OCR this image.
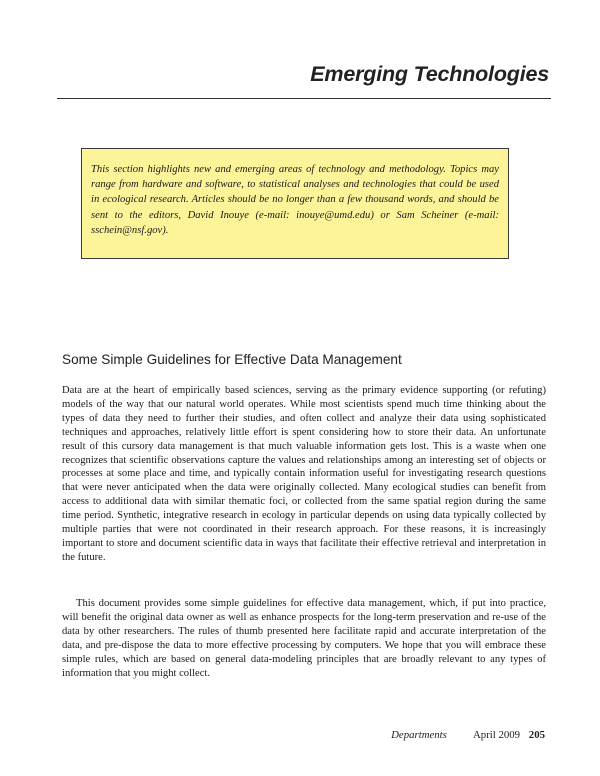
Emerging Technologies
This section highlights new and emerging areas of technology and methodology. Topics may range from hardware and software, to statistical analyses and technologies that could be used in ecological research. Articles should be no longer than a few thousand words, and should be sent to the editors, David Inouye (e-mail: inouye@umd.edu) or Sam Scheiner (e-mail: sschein@nsf.gov).
Some Simple Guidelines for Effective Data Management

Data are at the heart of empirically based sciences, serving as the primary evidence supporting (or refuting) models of the way that our natural world operates. While most scientists spend much time thinking about the types of data they need to further their studies, and often collect and analyze their data using sophisticated techniques and approaches, relatively little effort is spent considering how to store their data. An unfortunate result of this cursory data management is that much valuable information gets lost. This is a waste when one recognizes that scientific observations capture the values and relationships among an interesting set of objects or processes at some place and time, and typically contain information useful for investigating research questions that were never anticipated when the data were originally collected. Many ecological studies can benefit from access to additional data with similar thematic foci, or collected from the same spatial region during the same time period. Synthetic, integrative research in ecology in particular depends on using data typically collected by multiple parties that were not coordinated in their research approach. For these reasons, it is increasingly important to store and document scientific data in ways that facilitate their effective retrieval and interpretation in the future.

This document provides some simple guidelines for effective data management, which, if put into practice, will benefit the original data owner as well as enhance prospects for the long-term preservation and re-use of the data by other researchers. The rules of thumb presented here facilitate rapid and accurate interpretation of the data, and pre-dispose the data to more effective processing by computers. We hope that you will embrace these simple rules, which are based on general data-modeling principles that are broadly relevant to any types of information that you might collect.

Departments April 2009 205
